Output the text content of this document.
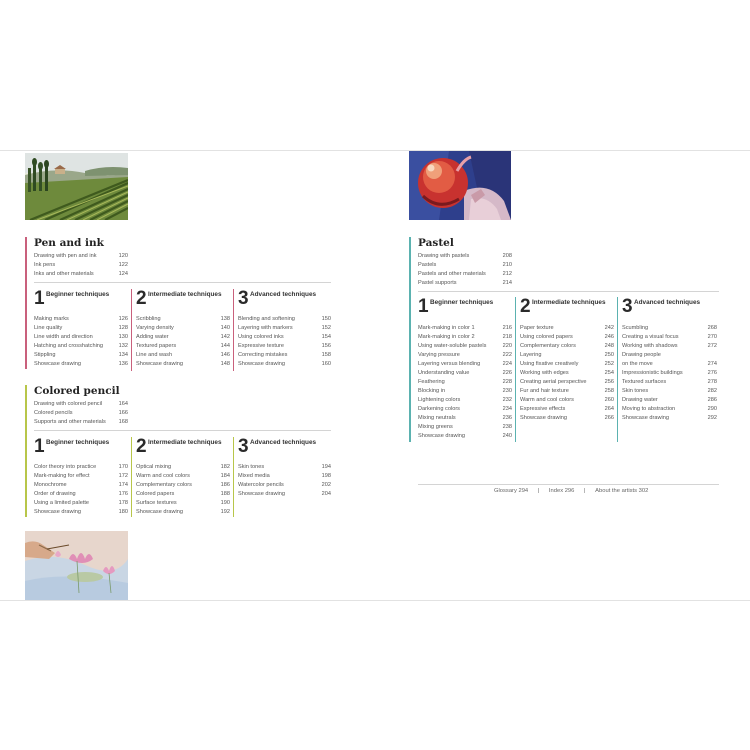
Pen and ink
Drawing with pen and ink	120
Ink pens	122
Inks and other materials	124
1 Beginner techniques 2 Intermediate techniques 3 Advanced techniques
Making marks	126
Line quality	128
Line width and direction	130
Hatching and crosshatching	132
Stippling	134
Showcase drawing	136
Scribbling	138
Varying density	140
Adding water	142
Textured papers	144
Line and wash	146
Showcase drawing	148
Blending and softening	150
Layering with markers	152
Using colored inks	154
Expressive texture	156
Correcting mistakes	158
Showcase drawing	160
Colored pencil
Drawing with colored pencil	164
Colored pencils	166
Supports and other materials 168
1 Beginner techniques 2 Intermediate techniques 3 Advanced techniques
Color theory into practice	170
Mark-making for effect	172
Monochrome	174
Order of drawing	176
Using a limited palette	178
Showcase drawing	180
Optical mixing	182
Warm and cool colors	184
Complementary colors	186
Colored papers	188
Surface textures	190
Showcase drawing	192
Skin tones	194
Mixed media	198
Watercolor pencils	202
Showcase drawing	204
Pastel
Drawing with pastels	208
Pastels	210
Pastels and other materials	212
Pastel supports	214
1 Beginner techniques 2 Intermediate techniques 3 Advanced techniques
Mark-making in color 1	216
Mark-making in color 2	218
Using water-soluble pastels	220
Varying pressure	222
Layering versus blending	224
Understanding value	226
Feathering	228
Blocking in	230
Lightening colors	232
Darkening colors	234
Mixing neutrals	236
Mixing greens	238
Showcase drawing	240
Paper texture	242
Using colored papers	246
Complementary colors	248
Layering	250
Using fixative creatively	252
Working with edges	254
Creating aerial perspective	256
Fur and hair texture	258
Warm and cool colors	260
Expressive effects	264
Showcase drawing	266
Scumbling	268
Creating a visual focus	270
Working with shadows	272
Drawing people
on the move	274
Impressionistic buildings	276
Textured surfaces	278
Skin tones	282
Drawing water	286
Moving to abstraction	290
Showcase drawing	292
Glossary 294 | Index 296 | About the artists 302
